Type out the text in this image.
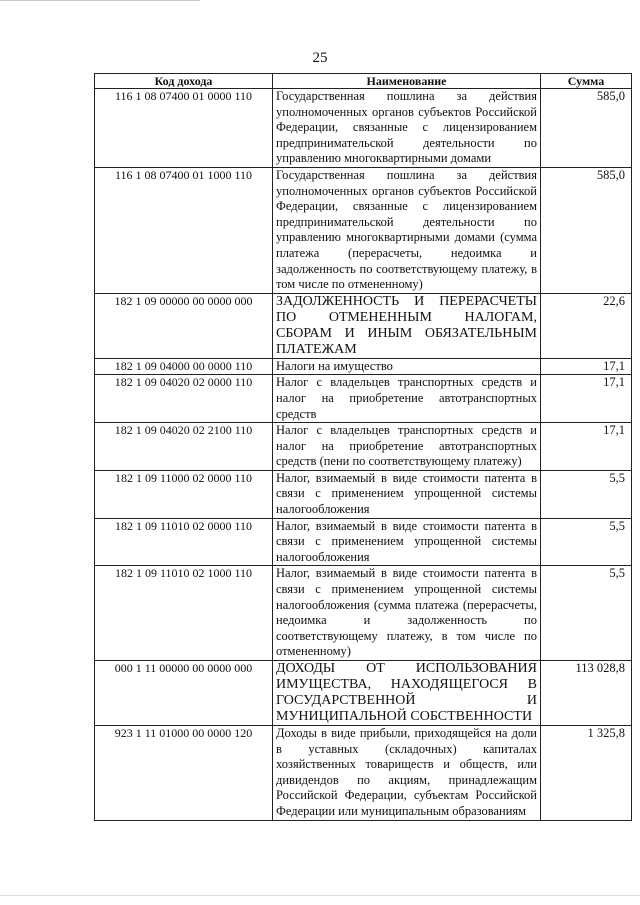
25
Код дохода	Наименование	Сумма
116 1 08 07400 01 0000 110	Государственная пошлина за действия уполномоченных органов субъектов Российской Федерации, связанные с лицензированием предпринимательской деятельности по управлению многоквартирными домами	585,0
116 1 08 07400 01 1000 110	Государственная пошлина за действия уполномоченных органов субъектов Российской Федерации, связанные с лицензированием предпринимательской деятельности по управлению многоквартирными домами (сумма платежа (перерасчеты, недоимка и задолженность по соответствующему платежу, в том числе по отмененному)	585,0
182 1 09 00000 00 0000 000	ЗАДОЛЖЕННОСТЬ И ПЕРЕРАСЧЕТЫ ПО ОТМЕНЕННЫМ НАЛОГАМ, СБОРАМ И ИНЫМ ОБЯЗАТЕЛЬНЫМ ПЛАТЕЖАМ	22,6
182 1 09 04000 00 0000 110	Налоги на имущество	17,1
182 1 09 04020 02 0000 110	Налог с владельцев транспортных средств и налог на приобретение автотранспортных средств	17,1
182 1 09 04020 02 2100 110	Налог с владельцев транспортных средств и налог на приобретение автотранспортных средств (пени по соответствующему платежу)	17,1
182 1 09 11000 02 0000 110	Налог, взимаемый в виде стоимости патента в связи с применением упрощенной системы налогообложения	5,5
182 1 09 11010 02 0000 110	Налог, взимаемый в виде стоимости патента в связи с применением упрощенной системы налогообложения	5,5
182 1 09 11010 02 1000 110	Налог, взимаемый в виде стоимости патента в связи с применением упрощенной системы налогообложения (сумма платежа (перерасчеты, недоимка и задолженность по соответствующему платежу, в том числе по отмененному)	5,5
000 1 11 00000 00 0000 000	ДОХОДЫ ОТ ИСПОЛЬЗОВАНИЯ ИМУЩЕСТВА, НАХОДЯЩЕГОСЯ В ГОСУДАРСТВЕННОЙ И МУНИЦИПАЛЬНОЙ СОБСТВЕННОСТИ	113 028,8
923 1 11 01000 00 0000 120	Доходы в виде прибыли, приходящейся на доли в уставных (складочных) капиталах хозяйственных товариществ и обществ, или дивидендов по акциям, принадлежащим Российской Федерации, субъектам Российской Федерации или муниципальным образованиям	1 325,8
